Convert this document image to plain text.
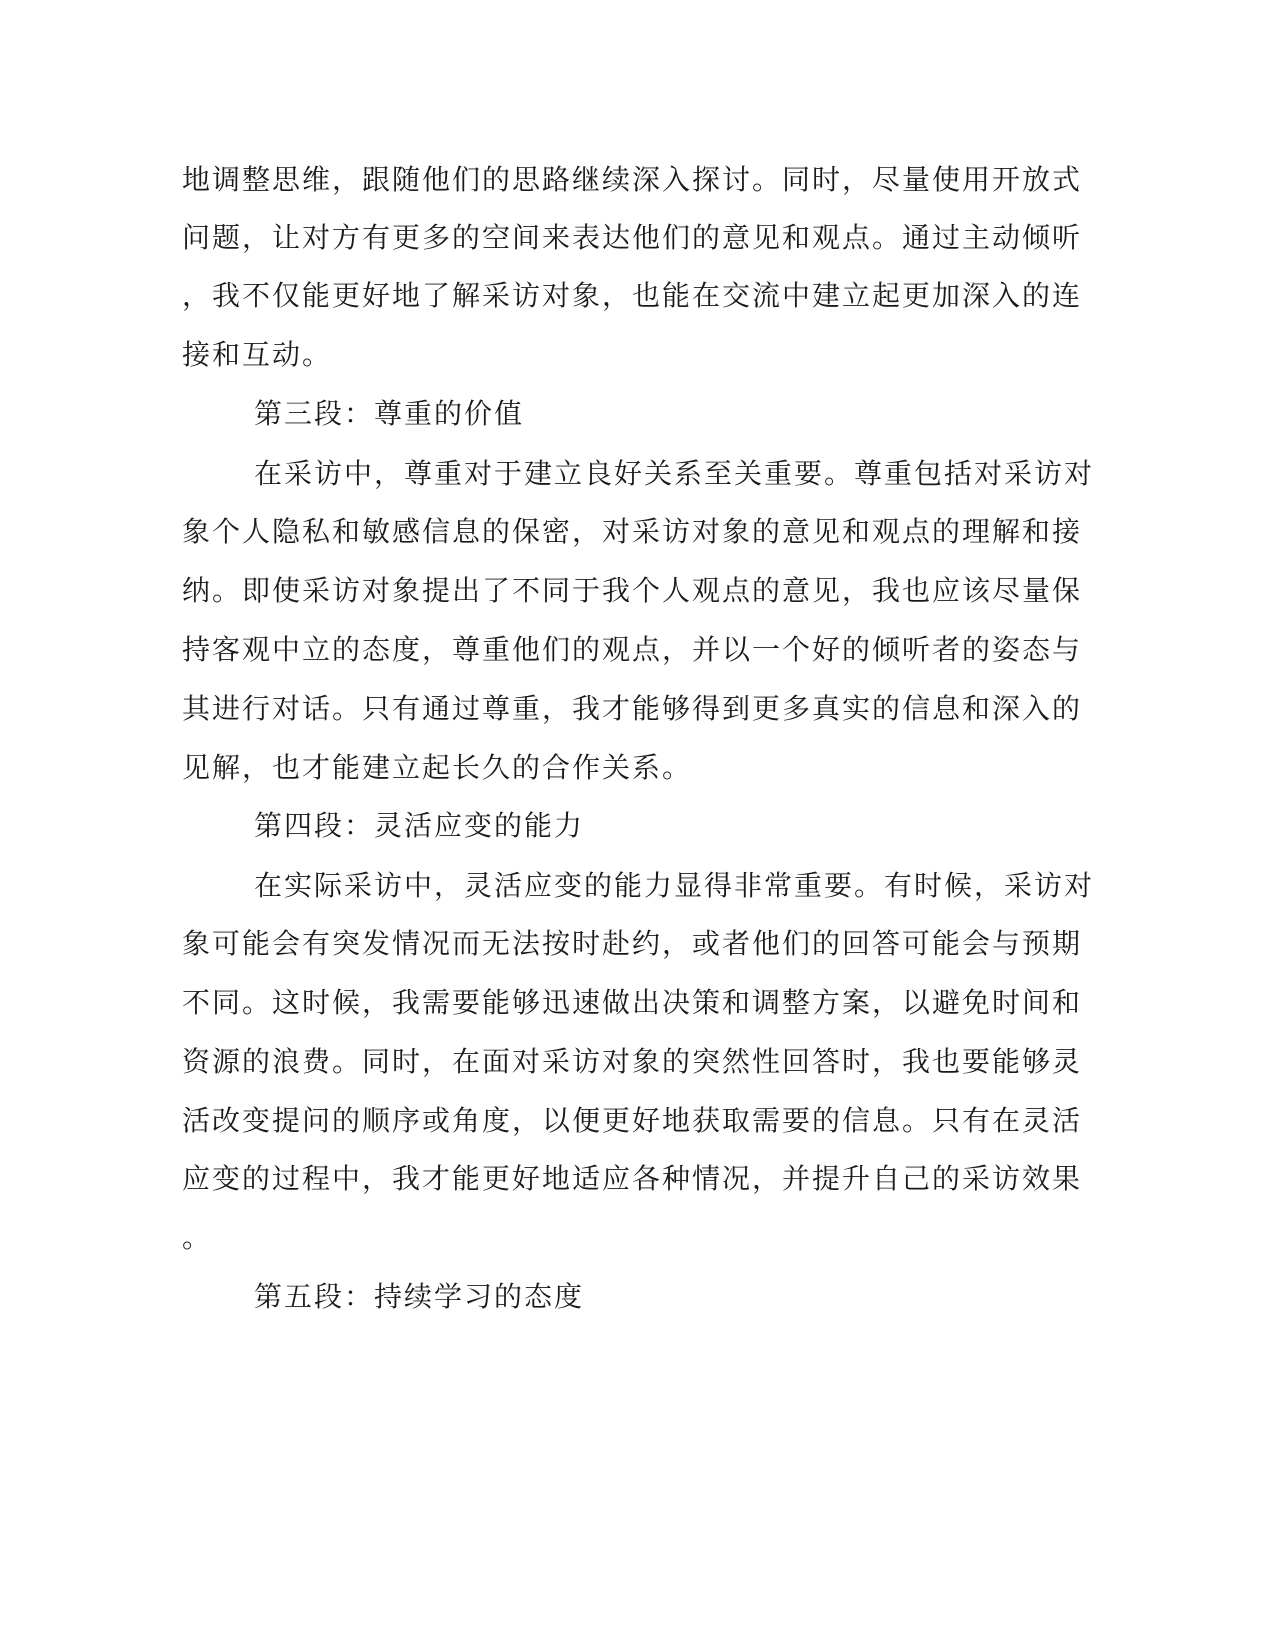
地调整思维，跟随他们的思路继续深入探讨。同时，尽量使用开放式
问题，让对方有更多的空间来表达他们的意见和观点。通过主动倾听
，我不仅能更好地了解采访对象，也能在交流中建立起更加深入的连
接和互动。
第三段：尊重的价值
在采访中，尊重对于建立良好关系至关重要。尊重包括对采访对
象个人隐私和敏感信息的保密，对采访对象的意见和观点的理解和接
纳。即使采访对象提出了不同于我个人观点的意见，我也应该尽量保
持客观中立的态度，尊重他们的观点，并以一个好的倾听者的姿态与
其进行对话。只有通过尊重，我才能够得到更多真实的信息和深入的
见解，也才能建立起长久的合作关系。
第四段：灵活应变的能力
在实际采访中，灵活应变的能力显得非常重要。有时候，采访对
象可能会有突发情况而无法按时赴约，或者他们的回答可能会与预期
不同。这时候，我需要能够迅速做出决策和调整方案，以避免时间和
资源的浪费。同时，在面对采访对象的突然性回答时，我也要能够灵
活改变提问的顺序或角度，以便更好地获取需要的信息。只有在灵活
应变的过程中，我才能更好地适应各种情况，并提升自己的采访效果
。
第五段：持续学习的态度
